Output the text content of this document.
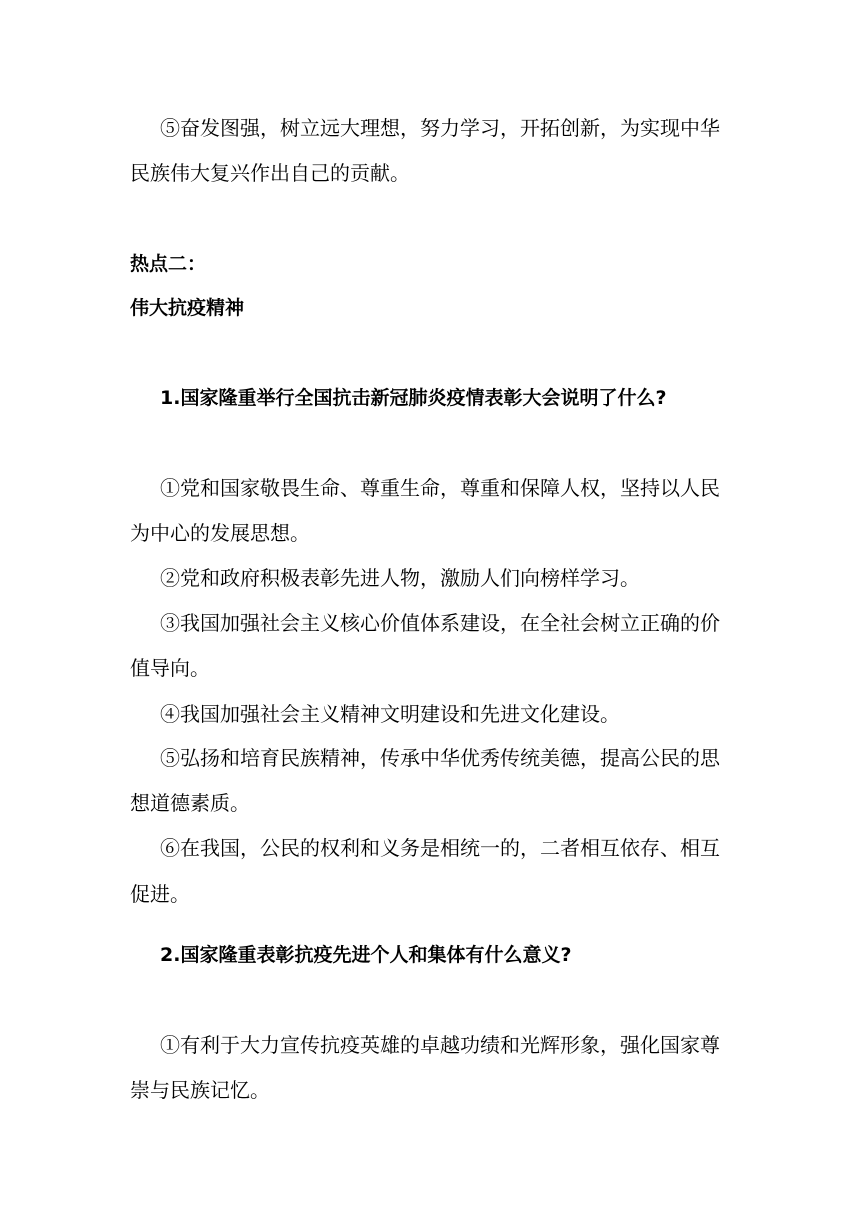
⑤奋发图强，树立远大理想，努力学习，开拓创新，为实现中华
民族伟大复兴作出自己的贡献。
热点二：
伟大抗疫精神
1.国家隆重举行全国抗击新冠肺炎疫情表彰大会说明了什么?
①党和国家敬畏生命、尊重生命，尊重和保障人权，坚持以人民
为中心的发展思想。
②党和政府积极表彰先进人物，激励人们向榜样学习。
③我国加强社会主义核心价值体系建设，在全社会树立正确的价
值导向。
④我国加强社会主义精神文明建设和先进文化建设。
⑤弘扬和培育民族精神，传承中华优秀传统美德，提高公民的思
想道德素质。
⑥在我国，公民的权利和义务是相统一的，二者相互依存、相互
促进。
2.国家隆重表彰抗疫先进个人和集体有什么意义?
①有利于大力宣传抗疫英雄的卓越功绩和光辉形象，强化国家尊
崇与民族记忆。
